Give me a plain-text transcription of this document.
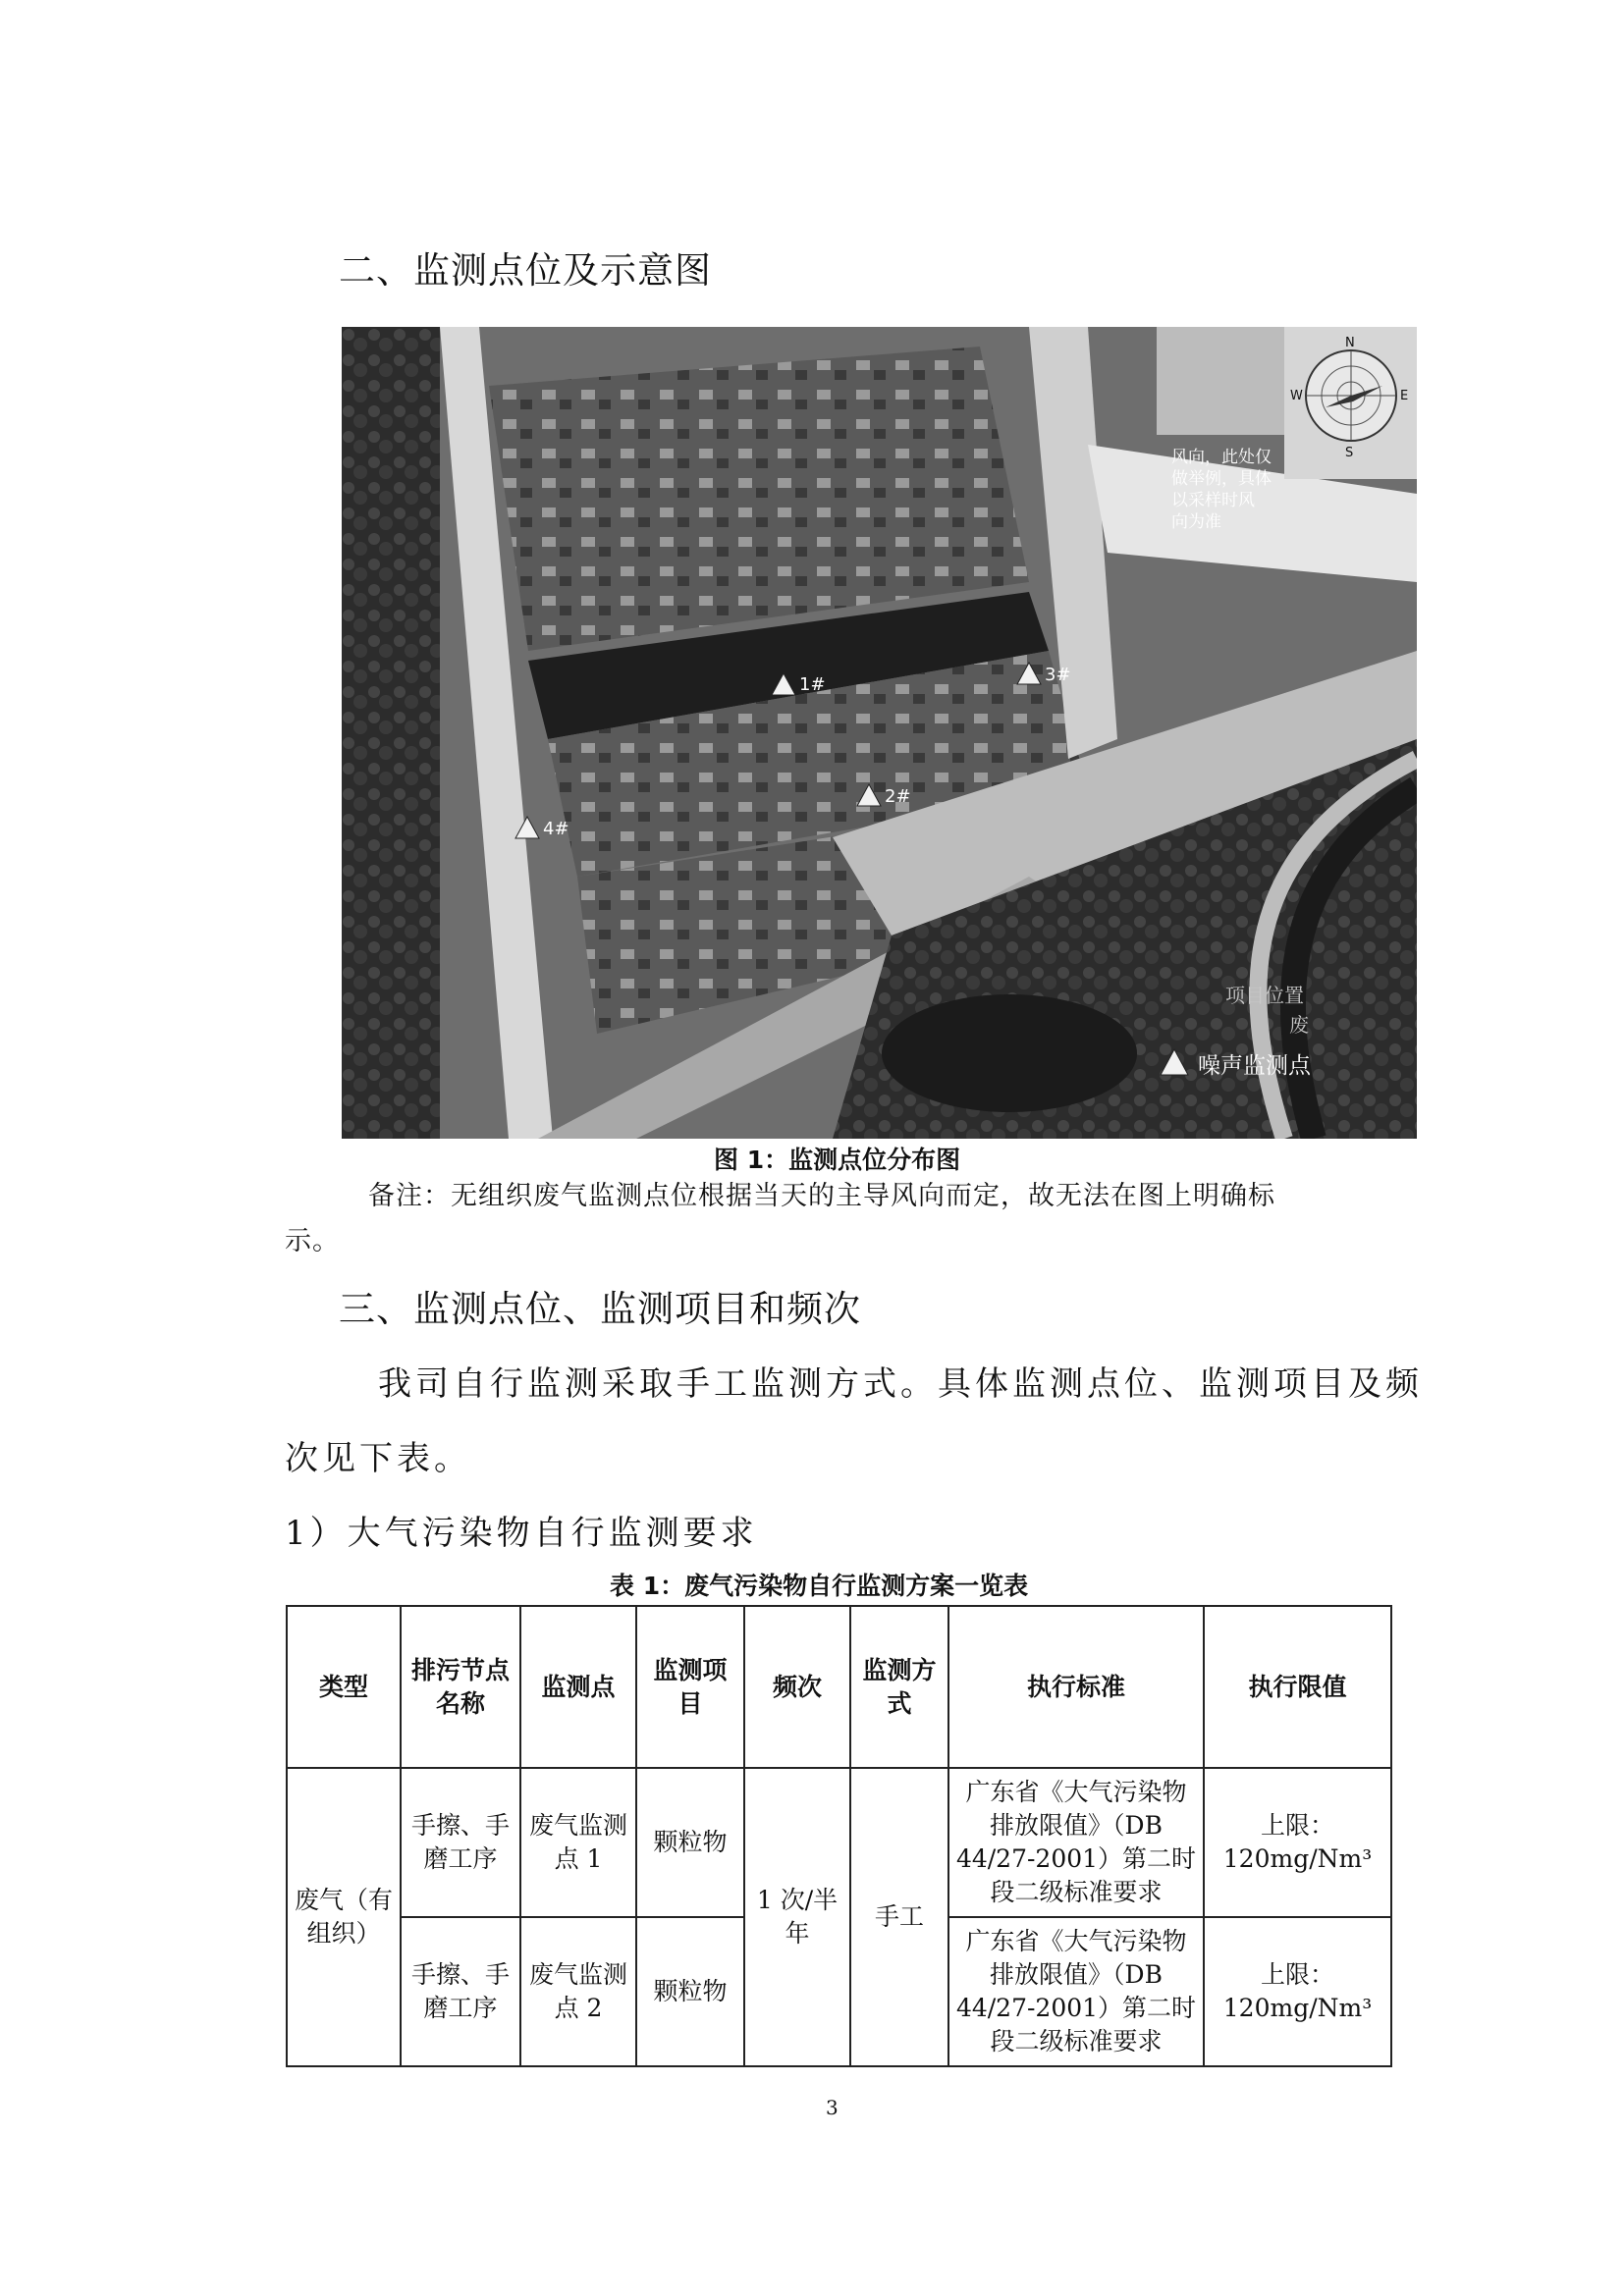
二、监测点位及示意图
N
S
E
W
风向，此处仅
做举例，具体
以采样时风
向为准
1#
2#
3#
4#
项目位置
废
噪声监测点
图 1：监测点位分布图
备注：无组织废气监测点位根据当天的主导风向而定，故无法在图上明确标
示。
三、监测点位、监测项目和频次
我司自行监测采取手工监测方式。具体监测点位、监测项目及频
次见下表。
1）大气污染物自行监测要求
表 1：废气污染物自行监测方案一览表
类型	排污节点名称	监测点	监测项目	频次	监测方式	执行标准	执行限值
废气（有组织）	手擦、手磨工序	废气监测点 1	颗粒物	1 次/半年	手工	广东省《大气污染物排放限值》（DB 44/27-2001）第二时段二级标准要求	上限：120mg/Nm³
	手擦、手磨工序	废气监测点 2	颗粒物			广东省《大气污染物排放限值》（DB 44/27-2001）第二时段二级标准要求	上限：120mg/Nm³
3
